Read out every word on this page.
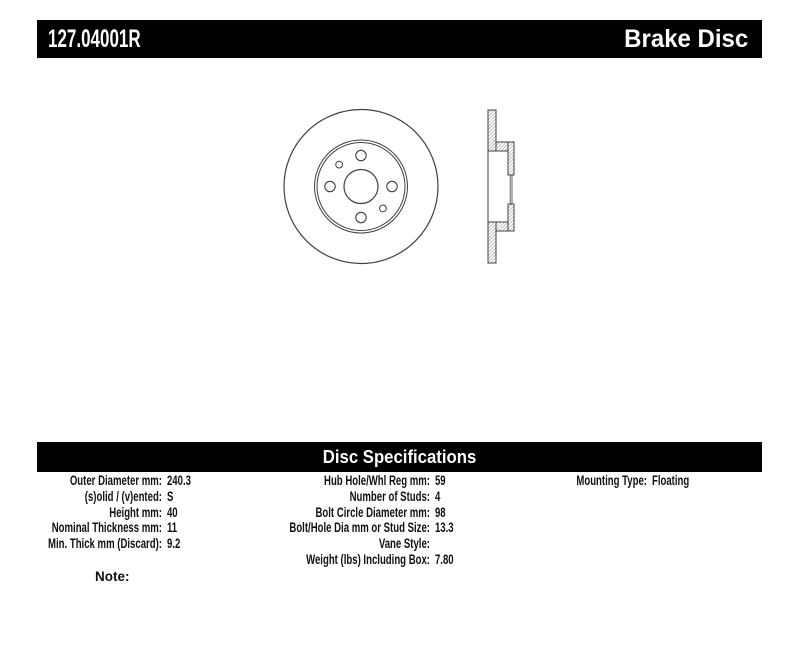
127.04001R	Brake Disc
Disc Specifications
Outer Diameter mm: 240.3
(s)olid / (v)ented: S
Height mm: 40
Nominal Thickness mm: 11
Min. Thick mm (Discard): 9.2
Hub Hole/Whl Reg mm: 59
Number of Studs: 4
Bolt Circle Diameter mm: 98
Bolt/Hole Dia mm or Stud Size: 13.3
Vane Style:
Weight (lbs) Including Box: 7.80
Mounting Type: Floating
Note:
